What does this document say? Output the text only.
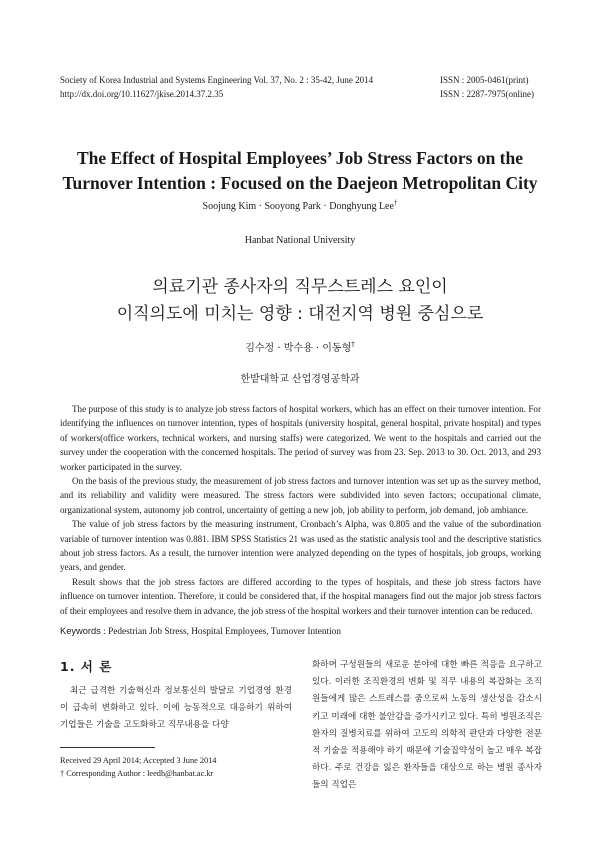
Society of Korea Industrial and Systems Engineering Vol. 37, No. 2 : 35-42, June 2014
http://dx.doi.org/10.11627/jkise.2014.37.2.35
ISSN : 2005-0461(print)
ISSN : 2287-7975(online)
The Effect of Hospital Employees’ Job Stress Factors on the
Turnover Intention : Focused on the Daejeon Metropolitan City
Soojung Kim · Sooyong Park · Donghyung Lee†
Hanbat National University
의료기관 종사자의 직무스트레스 요인이
이직의도에 미치는 영향 : 대전지역 병원 중심으로
김수정 · 박수용 · 이동형†
한밭대학교 산업경영공학과

The purpose of this study is to analyze job stress factors of hospital workers, which has an effect on their turnover intention. For identifying the influences on turnover intention, types of hospitals (university hospital, general hospital, private hospital) and types of workers(office workers, technical workers, and nursing staffs) were categorized. We went to the hospitals and carried out the survey under the cooperation with the concerned hospitals. The period of survey was from 23. Sep. 2013 to 30. Oct. 2013, and 293 worker participated in the survey.

On the basis of the previous study, the measurement of job stress factors and turnover intention was set up as the survey method, and its reliability and validity were measured. The stress factors were subdivided into seven factors; occupational climate, organizational system, autonomy job control, uncertainty of getting a new job, job ability to perform, job demand, job ambiance.

The value of job stress factors by the measuring instrument, Cronbach’s Alpha, was 0.805 and the value of the subordination variable of turnover intention was 0.881. IBM SPSS Statistics 21 was used as the statistic analysis tool and the descriptive statistics about job stress factors. As a result, the turnover intention were analyzed depending on the types of hospitals, job groups, working years, and gender.

Result shows that the job stress factors are differed according to the types of hospitals, and these job stress factors have influence on turnover intention. Therefore, it could be considered that, if the hospital managers find out the major job stress factors of their employees and resolve them in advance, the job stress of the hospital workers and their turnover intention can be reduced.

Keywords : Pedestrian Job Stress, Hospital Employees, Turnover Intention
1. 서 론

최근 급격한 기술혁신과 정보통신의 발달로 기업경영 환경이 급속히 변화하고 있다. 이에 능동적으로 대응하기 위하여 기업들은 기술을 고도화하고 직무내용을 다양

화하며 구성원들의 새로운 분야에 대한 빠른 적응을 요구하고 있다. 이러한 조직환경의 변화 및 직무 내용의 복잡화는 조직원들에게 많은 스트레스를 줌으로써 노동의 생산성을 감소시키고 미래에 대한 불안감을 증가시키고 있다. 특히 병원조직은 환자의 질병치료를 위하여 고도의 의학적 판단과 다양한 전문적 기술을 적용해야 하기 때문에 기술집약성이 높고 매우 복잡하다. 주로 건강을 잃은 환자들을 대상으로 하는 병원 종사자들의 직업은

Received 29 April 2014; Accepted 3 June 2014
† Corresponding Author : leedh@hanbat.ac.kr
